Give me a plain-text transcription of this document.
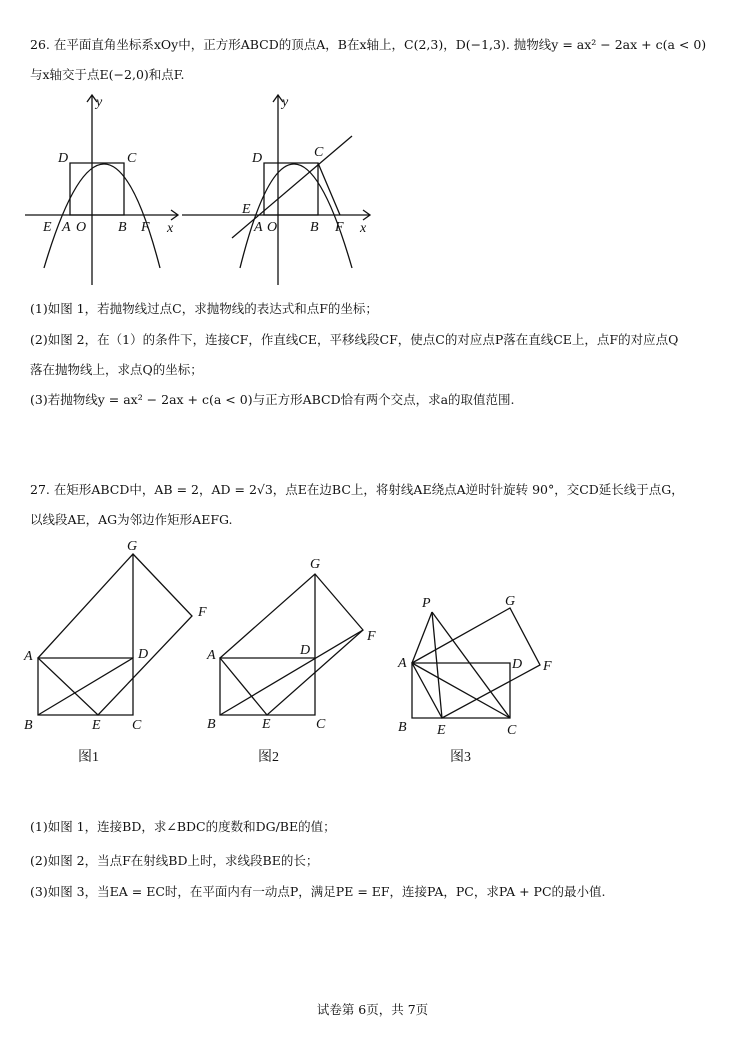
26. 在平面直角坐标系xOy中，正方形ABCD的顶点A，B在x轴上，C(2,3)，D(−1,3). 抛物线y = ax² − 2ax + c(a < 0)
与x轴交于点E(−2,0)和点F.
y
D	C
E A O B F x
y
D	C
E
A O B F x
(1)如图 1，若抛物线过点C，求抛物线的表达式和点F的坐标；
(2)如图 2，在（1）的条件下，连接CF，作直线CE，平移线段CF，使点C的对应点P落在直线CE上，点F的对应点Q
落在抛物线上，求点Q的坐标；
(3)若抛物线y = ax² − 2ax + c(a < 0)与正方形ABCD恰有两个交点，求a的取值范围.
27. 在矩形ABCD中，AB = 2，AD = 2√3，点E在边BC上，将射线AE绕点A逆时针旋转 90°，交CD延长线于点G，
以线段AE，AG为邻边作矩形AEFG.
G
F
A	D
B	E C
图1
G
F
A	D
B	E	C
图2
P	G
A	D F
B E	C
图3
(1)如图 1，连接BD，求∠BDC的度数和DG/BE的值；
(2)如图 2，当点F在射线BD上时，求线段BE的长；
(3)如图 3，当EA = EC时，在平面内有一动点P，满足PE = EF，连接PA，PC，求PA + PC的最小值.
试卷第 6页，共 7页
